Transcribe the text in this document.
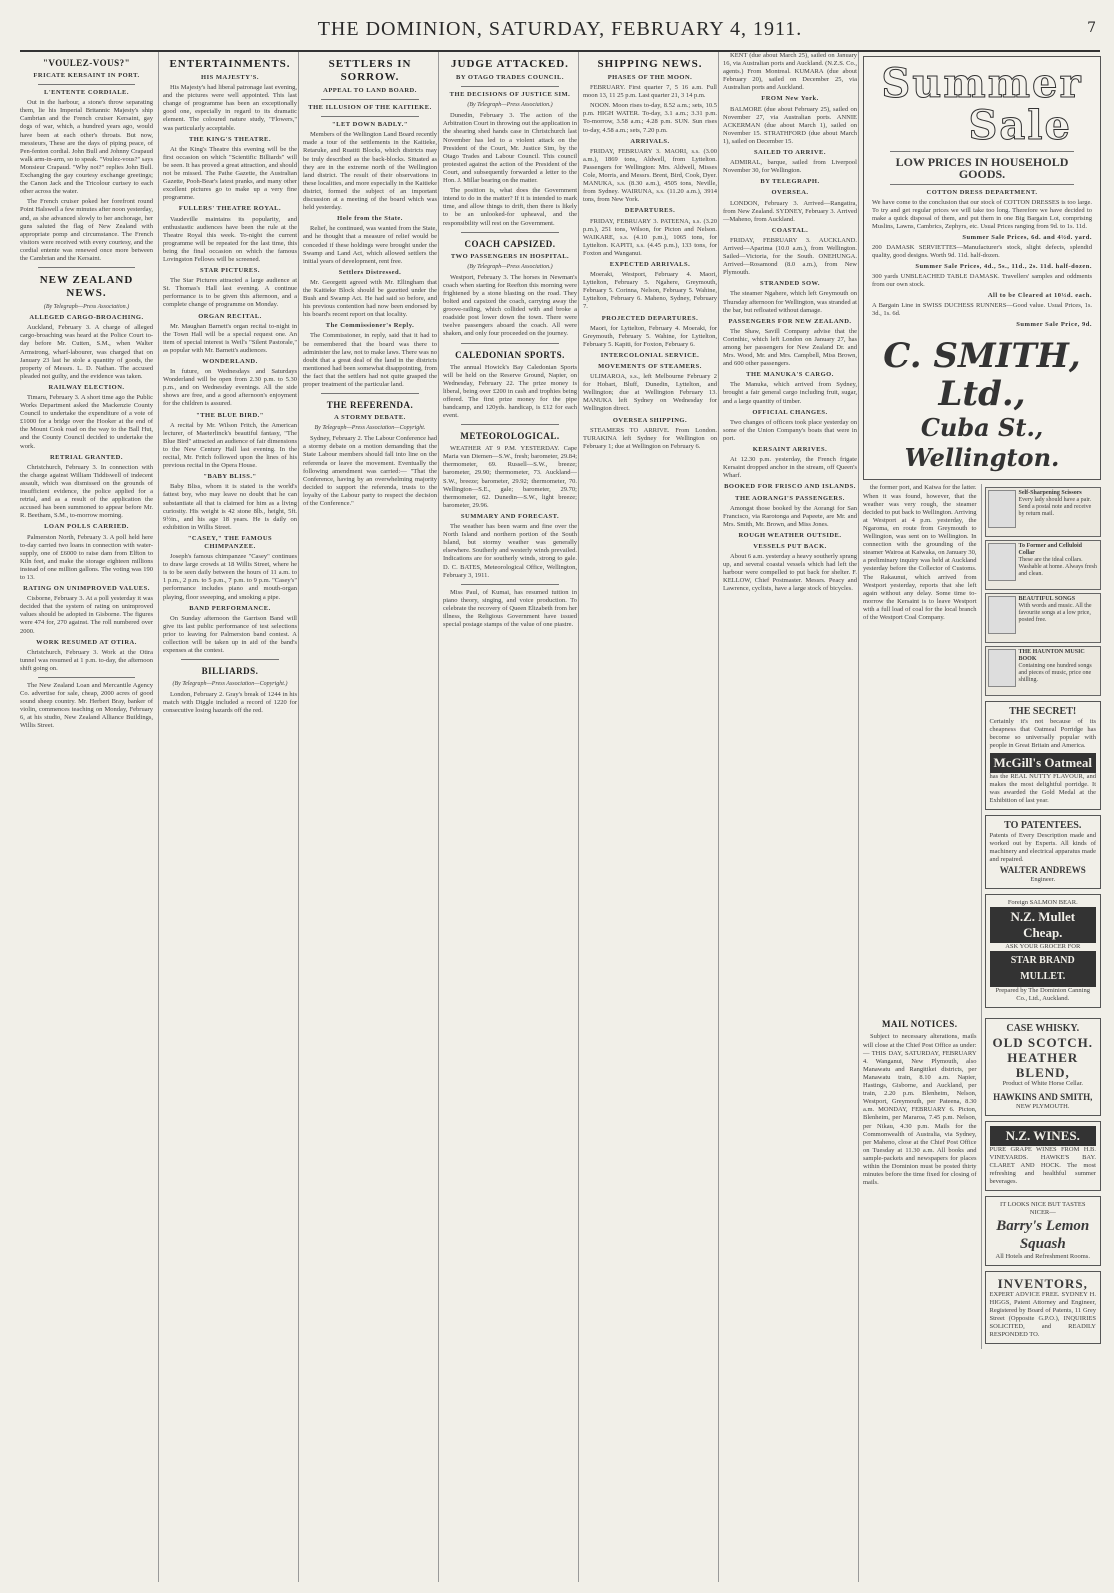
THE DOMINION, SATURDAY, FEBRUARY 4, 1911.	7
"VOULEZ-VOUS?"
FRICATE KERSAINT IN PORT.
L'ENTENTE CORDIALE.

Out in the harbour, a stone's throw separating them, lie his Imperial Britannic Majesty's ship Cambrian and the French cruiser Kersaint, gay dogs of war, which, a hundred years ago, would have been at each other's throats. But now, messieurs, These are the days of piping peace, of Pen-fenton cordial. John Bull and Johnny Crapaud walk arm-in-arm, so to speak. "Voulez-vous?" says Monsieur Crapaud. "Why not?" replies John Bull. Exchanging the gay courtesy exchange greetings; the Canon Jack and the Tricolour curtsey to each other across the water.

The French cruiser poked her forefront round Point Halswell a few minutes after noon yesterday, and, as she advanced slowly to her anchorage, her guns saluted the flag of New Zealand with appropriate pomp and circumstance. The French visitors were received with every courtesy, and the cordial entente was renewed once more between the Cambrian and the Kersaint.

NEW ZEALAND NEWS.
(By Telegraph—Press Association.)
ALLEGED CARGO-BROACHING.

Auckland, February 3. A charge of alleged cargo-broaching was heard at the Police Court to-day before Mr. Cutten, S.M., when Walter Armstrong, wharf-labourer, was charged that on January 23 last he stole a quantity of goods, the property of Messrs. L. D. Nathan. The accused pleaded not guilty, and the evidence was taken.

RAILWAY ELECTION.

Timaru, February 3. A short time ago the Public Works Department asked the Mackenzie County Council to undertake the expenditure of a vote of £1000 for a bridge over the Hooker at the end of the Mount Cook road on the way to the Ball Hut, and the County Council decided to undertake the work.

RETRIAL GRANTED.

Christchurch, February 3. In connection with the charge against William Tiddiswell of indecent assault, which was dismissed on the grounds of insufficient evidence, the police applied for a retrial, and as a result of the application the accused has been summoned to appear before Mr. R. Beetham, S.M., to-morrow morning.

LOAN POLLS CARRIED.

Palmerston North, February 3. A poll held here to-day carried two loans in connection with water-supply, one of £6000 to raise dam from Elfton to Kiln feet, and make the storage eighteen millions instead of one million gallons. The voting was 190 to 13.

RATING ON UNIMPROVED VALUES.

Cisborne, February 3. At a poll yesterday it was decided that the system of rating on unimproved values should be adopted in Gisborne. The figures were 474 for, 270 against. The roll numbered over 2000.

WORK RESUMED AT OTIRA.

Christchurch, February 3. Work at the Otira tunnel was resumed at 1 p.m. to-day, the afternoon shift going on.

The New Zealand Loan and Mercantile Agency Co. advertise for sale, cheap, 2000 acres of good sound sheep country. Mr. Herbert Bray, banker of violin, commences teaching on Monday, February 6, at his studio, New Zealand Alliance Buildings, Willis Street.

ENTERTAINMENTS.
HIS MAJESTY'S.

His Majesty's had liberal patronage last evening, and the pictures were well appointed. This last change of programme has been an exceptionally good one, especially in regard to its dramatic element. The coloured nature study, "Flowers," was particularly acceptable.

THE KING'S THEATRE.

At the King's Theatre this evening will be the first occasion on which "Scientific Billiards" will be seen. It has proved a great attraction, and should not be missed. The Pathe Gazette, the Australian Gazette, Pooh-Bear's latest pranks, and many other excellent pictures go to make up a very fine programme.

FULLERS' THEATRE ROYAL.

Vaudeville maintains its popularity, and enthusiastic audiences have been the rule at the Theatre Royal this week. To-night the current programme will be repeated for the last time, this being the final occasion on which the famous Lovingston Fellows will be screened.

STAR PICTURES.

The Star Pictures attracted a large audience at St. Thomas's Hall last evening. A continue performance is to be given this afternoon, and a complete change of programme on Monday.

ORGAN RECITAL.

Mr. Maughan Barnett's organ recital to-night in the Town Hall will be a special request one. An item of special interest is Weil's "Silent Pastorale," as popular with Mr. Barnett's audiences.

WONDERLAND.

In future, on Wednesdays and Saturdays Wonderland will be open from 2.30 p.m. to 5.30 p.m., and on Wednesday evenings. All the side shows are free, and a good afternoon's enjoyment for the children is assured.

"THE BLUE BIRD."

A recital by Mr. Wilson Fritch, the American lecturer, of Maeterlinck's beautiful fantasy, "The Blue Bird" attracted an audience of fair dimensions to the New Century Hall last evening. In the recital, Mr. Fritch followed upon the lines of his previous recital in the Opera House.

"BABY BLISS."

Baby Bliss, whom it is stated is the world's fattest boy, who may leave no doubt that he can substantiate all that is claimed for him as a living curiosity. His weight is 42 stone 8lb., height, 5ft. 9½in., and his age 18 years. He is daily on exhibition in Willis Street.

"CASEY," THE FAMOUS CHIMPANZEE.

Joseph's famous chimpanzee "Casey" continues to draw large crowds at 18 Willis Street, where he is to be seen daily between the hours of 11 a.m. to 1 p.m., 2 p.m. to 5 p.m., 7 p.m. to 9 p.m. "Casey's" performance includes piano and mouth-organ playing, floor sweeping, and smoking a pipe.

BAND PERFORMANCE.

On Sunday afternoon the Garrison Band will give its last public performance of test selections prior to leaving for Palmerston band contest. A collection will be taken up in aid of the band's expenses at the contest.

BILLIARDS.
(By Telegraph—Press Association—Copyright.)

London, February 2. Gray's break of 1244 in his match with Diggle included a record of 1220 for consecutive losing hazards off the red.

SETTLERS IN SORROW.
APPEAL TO LAND BOARD.
THE ILLUSION OF THE KAITIEKE.
"LET DOWN BADLY."

Members of the Wellington Land Board recently made a tour of the settlements in the Kaitieke, Retaruke, and Ruatiti Blocks, which districts may be truly described as the back-blocks. Situated as they are in the extreme north of the Wellington land district. The result of their observations in these localities, and more especially in the Kaitieke district, formed the subject of an important discussion at a meeting of the board which was held yesterday.

Hole from the State.

Relief, he continued, was wanted from the State, and he thought that a measure of relief would be conceded if these holdings were brought under the Swamp and Land Act, which allowed settlers the initial years of development, rent free.

Settlers Distressed.

Mr. Georgetti agreed with Mr. Ellingham that the Kaitieke Block should be gazetted under the Bush and Swamp Act. He had said so before, and his previous contention had now been endorsed by his board's recent report on that locality.

The Commissioner's Reply.

The Commissioner, in reply, said that it had to be remembered that the board was there to administer the law, not to make laws. There was no doubt that a great deal of the land in the districts mentioned had been somewhat disappointing, from the fact that the settlers had not quite grasped the proper treatment of the particular land.

THE REFERENDA.
A STORMY DEBATE.
By Telegraph—Press Association—Copyright.

Sydney, February 2. The Labour Conference had a stormy debate on a motion demanding that the State Labour members should fall into line on the referenda or leave the movement. Eventually the following amendment was carried:— "That the Conference, having by an overwhelming majority decided to support the referenda, trusts to the loyalty of the Labour party to respect the decision of the Conference."

JUDGE ATTACKED.
BY OTAGO TRADES COUNCIL.
THE DECISIONS OF JUSTICE SIM.
(By Telegraph—Press Association.)

Dunedin, February 3. The action of the Arbitration Court in throwing out the application in the shearing shed hands case in Christchurch last November has led to a violent attack on the President of the Court, Mr. Justice Sim, by the Otago Trades and Labour Council. This council protested against the action of the President of the Court, and subsequently forwarded a letter to the Hon. J. Millar bearing on the matter.

The position is, what does the Government intend to do in the matter? If it is intended to mark time, and allow things to drift, then there is likely to be an unlooked-for upheaval, and the responsibility will rest on the Government.

COACH CAPSIZED.
TWO PASSENGERS IN HOSPITAL.
(By Telegraph—Press Association.)

Westport, February 3. The horses in Newman's coach when starting for Reefton this morning were frightened by a stone blasting on the road. They bolted and capsized the coach, carrying away the groove-railing, which collided with and broke a roadside post lower down the town. There were twelve passengers aboard the coach. All were shaken, and only four proceeded on the journey.

CALEDONIAN SPORTS.

The annual Howick's Bay Caledonian Sports will be held on the Reserve Ground, Napier, on Wednesday, February 22. The prize money is liberal, being over £200 in cash and trophies being offered. The first prize money for the pipe bandcamp, and 120yds. handicap, is £12 for each event.

METEOROLOGICAL.

WEATHER AT 9 P.M. YESTERDAY. Cape Maria van Diemen—S.W., fresh; barometer, 29.84; thermometer, 69. Russell—S.W., breeze; barometer, 29.90; thermometer, 73. Auckland—S.W., breeze; barometer, 29.92; thermometer, 70. Wellington—S.E., gale; barometer, 29.70; thermometer, 62. Dunedin—S.W., light breeze; barometer, 29.96.

SUMMARY AND FORECAST.

The weather has been warm and fine over the North Island and northern portion of the South Island, but stormy weather was generally elsewhere. Southerly and westerly winds prevailed. Indications are for southerly winds, strong to gale. D. C. BATES, Meteorological Office, Wellington, February 3, 1911.

Miss Paul, of Kumai, has resumed tuition in piano theory, singing, and voice production. To celebrate the recovery of Queen Elizabeth from her illness, the Religious Government have issued special postage stamps of the value of one piastre.

SHIPPING NEWS.
PHASES OF THE MOON.

FEBRUARY. First quarter 7, 5 16 a.m. Full moon 13, 11 25 p.m. Last quarter 21, 3 14 p.m.

NOON. Moon rises to-day, 8.52 a.m.; sets, 10.5 p.m. HIGH WATER. To-day, 3.1 a.m.; 3.31 p.m. To-morrow, 3.58 a.m.; 4.28 p.m. SUN. Sun rises to-day, 4.58 a.m.; sets, 7.20 p.m.

ARRIVALS.

FRIDAY, FEBRUARY 3. MAORI, s.s. (3.00 a.m.), 1869 tons, Aldwell, from Lyttelton. Passengers for Wellington: Mrs. Aldwell, Misses Cole, Morris, and Messrs. Brent, Bird, Cook, Dyer. MANUKA, s.s. (8.30 a.m.), 4505 tons, Neville, from Sydney. WAIRUNA, s.s. (11.20 a.m.), 3914 tons, from New York.

DEPARTURES.

FRIDAY, FEBRUARY 3. PATEENA, s.s. (3.20 p.m.), 251 tons, Wilson, for Picton and Nelson. WAIKARE, s.s. (4.10 p.m.), 1065 tons, for Lyttelton. KAPITI, s.s. (4.45 p.m.), 133 tons, for Foxton and Wanganui.

EXPECTED ARRIVALS.

Moeraki, Westport, February 4. Maori, Lyttelton, February 5. Ngahere, Greymouth, February 5. Corinna, Nelson, February 5. Wahine, Lyttelton, February 6. Maheno, Sydney, February 7.

PROJECTED DEPARTURES.

Maori, for Lyttelton, February 4. Moeraki, for Greymouth, February 5. Wahine, for Lyttelton, February 5. Kapiti, for Foxton, February 6.

INTERCOLONIAL SERVICE.
MOVEMENTS OF STEAMERS.

ULIMAROA, s.s., left Melbourne February 2 for Hobart, Bluff, Dunedin, Lyttelton, and Wellington; due at Wellington February 13. MANUKA left Sydney on Wednesday for Wellington direct.

OVERSEA SHIPPING.

STEAMERS TO ARRIVE. From London. TURAKINA left Sydney for Wellington on February 1; due at Wellington on February 6.

KENT (due about March 25), sailed on January 16, via Australian ports and Auckland. (N.Z.S. Co., agents.) From Montreal. KUMARA (due about February 20), sailed on December 25, via Australian ports and Auckland.

FROM New York.

BALMORE (due about February 25), sailed on November 27, via Australian ports. ANNIE ACKERMAN (due about March 1), sailed on November 15. STRATHFORD (due about March 1), sailed on December 15.

SAILED TO ARRIVE.

ADMIRAL, barque, sailed from Liverpool November 30, for Wellington.

BY TELEGRAPH.
OVERSEA.

LONDON, February 3. Arrived—Rangatira, from New Zealand. SYDNEY, February 3. Arrived—Maheno, from Auckland.

COASTAL.

FRIDAY, FEBRUARY 3. AUCKLAND. Arrived—Aparima (10.0 a.m.), from Wellington. Sailed—Victoria, for the South. ONEHUNGA. Arrived—Rosamond (8.0 a.m.), from New Plymouth.

STRANDED SOW.

The steamer Ngahere, which left Greymouth on Thursday afternoon for Wellington, was stranded at the bar, but refloated without damage.

PASSENGERS FOR NEW ZEALAND.

The Shaw, Savill Company advise that the Corinthic, which left London on January 27, has among her passengers for New Zealand Dr. and Mrs. Wood, Mr. and Mrs. Campbell, Miss Brown, and 600 other passengers.

THE MANUKA'S CARGO.

The Manuka, which arrived from Sydney, brought a fair general cargo including fruit, sugar, and a large quantity of timber.

OFFICIAL CHANGES.

Two changes of officers took place yesterday on some of the Union Company's boats that were in port.

KERSAINT ARRIVES.

At 12.30 p.m. yesterday, the French frigate Kersaint dropped anchor in the stream, off Queen's Wharf.

BOOKED FOR FRISCO AND ISLANDS.
THE AORANGI'S PASSENGERS.

Amongst those booked by the Aorangi for San Francisco, via Rarotonga and Papeete, are Mr. and Mrs. Smith, Mr. Brown, and Miss Jones.

ROUGH WEATHER OUTSIDE.
VESSELS PUT BACK.

About 6 a.m. yesterday a heavy southerly sprang up, and several coastal vessels which had left the harbour were compelled to put back for shelter. F. KELLOW, Chief Postmaster. Messrs. Peacy and Lawrence, cyclists, have a large stock of bicycles.

Summer
Sale
LOW PRICES IN HOUSEHOLD GOODS.
COTTON DRESS DEPARTMENT.
We have come to the conclusion that our stock of COTTON DRESSES is too large. To try and get regular prices we will take too long. Therefore we have decided to make a quick disposal of them, and put them in one Big Bargain Lot, comprising Muslins, Lawns, Cambrics, Zephyrs, etc. Usual Prices ranging from 9d. to 1s. 11d.
Summer Sale Prices, 6d. and 4½d. yard.
200 DAMASK SERVIETTES—Manufacturer's stock, slight defects, splendid quality, good designs. Worth 9d. 11d. half-dozen.
Summer Sale Prices, 4d., 5s., 11d., 2s. 11d. half-dozen.
300 yards UNBLEACHED TABLE DAMASK. Travellers' samples and oddments from our own stock.
All to be Cleared at 10½d. each.
A Bargain Line in SWISS DUCHESS RUNNERS—Good value. Usual Prices, 1s. 3d., 1s. 6d.
Summer Sale Price, 9d.
C. SMITH, Ltd.,
Cuba St., Wellington.

the former port, and Kaiwa for the latter. When it was found, however, that the weather was very rough, the steamer decided to put back to Wellington. Arriving at Westport at 4 p.m. yesterday, the Ngaroma, en route from Greymouth to Wellington, was sent on to Wellington. In connection with the grounding of the steamer Wairoa at Kaiwaka, on January 30, a preliminary inquiry was held at Auckland yesterday before the Collector of Customs. The Rakaunui, which arrived from Westport yesterday, reports that she left again without any delay. Some time to-morrow the Kersaint is to leave Westport with a full load of coal for the local branch of the Westport Coal Company.

Self-Sharpening Scissors
Every lady should have a pair. Send a postal note and receive by return mail.
To Former and Celluloid Collar
These are the ideal collars. Washable at home. Always fresh and clean.
BEAUTIFUL SONGS
With words and music. All the favourite songs at a low price, posted free.
THE HAUNTON MUSIC BOOK
Containing one hundred songs and pieces of music, price one shilling.
THE SECRET!
Certainly it's not because of its cheapness that Oatmeal Porridge has become so universally popular with people in Great Britain and America.
McGill's Oatmeal
has the REAL NUTTY FLAVOUR, and makes the most delightful porridge. It was awarded the Gold Medal at the Exhibition of last year.
TO PATENTEES.
Patents of Every Description made and worked out by Experts. All kinds of machinery and electrical apparatus made and repaired.
WALTER ANDREWS
Engineer.
Foreign SALMON BEAR.
N.Z. Mullet Cheap.
ASK YOUR GROCER FOR
STAR BRAND MULLET.
Prepared by The Dominion Canning Co., Ltd., Auckland.
MAIL NOTICES.

Subject to necessary alterations, mails will close at the Chief Post Office as under:— THIS DAY, SATURDAY, FEBRUARY 4. Wanganui, New Plymouth, also Manawatu and Rangitikei districts, per Manawatu train, 8.10 a.m. Napier, Hastings, Gisborne, and Auckland, per train, 2.20 p.m. Blenheim, Nelson, Westport, Greymouth, per Pateena, 8.30 a.m. MONDAY, FEBRUARY 6. Picton, Blenheim, per Mararoa, 7.45 p.m. Nelson, per Nikau, 4.30 p.m. Mails for the Commonwealth of Australia, via Sydney, per Maheno, close at the Chief Post Office on Tuesday at 11.30 a.m. All books and sample-packets and newspapers for places within the Dominion must be posted thirty minutes before the time fixed for closing of mails.

CASE WHISKY.
OLD SCOTCH.
HEATHER BLEND,
Product of White Horse Cellar.
HAWKINS AND SMITH,
NEW PLYMOUTH.
N.Z. WINES.
PURE GRAPE WINES FROM H.B. VINEYARDS. HAWKE'S BAY. CLARET AND HOCK. The most refreshing and healthful summer beverages.
IT LOOKS NICE BUT TASTES NICER—
Barry's Lemon Squash
All Hotels and Refreshment Rooms.
INVENTORS,
EXPERT ADVICE FREE. SYDNEY H. HIGGS, Patent Attorney and Engineer, Registered by Board of Patents, 11 Grey Street (Opposite G.P.O.), INQUIRIES SOLICITED, and READILY RESPONDED TO.
